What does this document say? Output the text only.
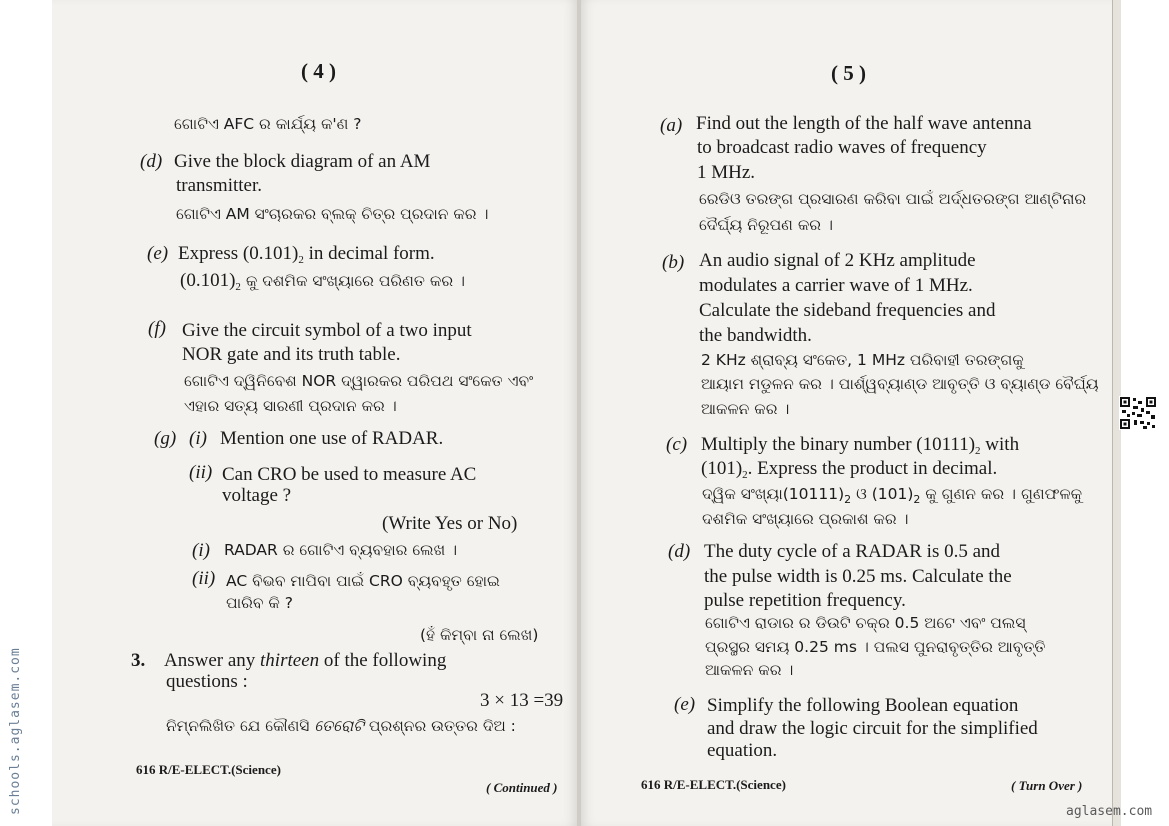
( 4 )
ଗୋଟିଏ AFC ର କାର୍ଯ୍ୟ କ'ଣ ?
(d) Give the block diagram of an AM
transmitter.
ଗୋଟିଏ AM ସଂଚାରକର ବ୍ଲକ୍ ଚିତ୍ର ପ୍ରଦାନ କର ।
(e) Express $(0.101)_2$ in decimal form.
$(0.101)_2$ କୁ ଦଶମିକ ସଂଖ୍ୟାରେ ପରିଣତ କର ।
(f) Give the circuit symbol of a two input
NOR gate and its truth table.
ଗୋଟିଏ ଦ୍ୱିନିବେଶ NOR ଦ୍ୱାରକର ପରିପଥ ସଂକେତ ଏବଂ
ଏହାର ସତ୍ୟ ସାରଣୀ ପ୍ରଦାନ କର ।
(g) (i) Mention one use of RADAR.
(ii) Can CRO be used to measure AC
voltage ?
(Write Yes or No)
(i) RADAR ର ଗୋଟିଏ ବ୍ୟବହାର ଲେଖ ।
(ii) AC ବିଭବ ମାପିବା ପାଇଁ CRO ବ୍ୟବହୃତ ହୋଇ
ପାରିବ କି ?
(ହଁ କିମ୍ବା ନା ଲେଖ)
3. Answer any thirteen of the following
questions :
3 × 13 =39
ନିମ୍ନଲିଖିତ ଯେ କୌଣସି ତେରୋଟି ପ୍ରଶ୍ନର ଉତ୍ତର ଦିଅ :
616 R/E-ELECT.(Science)
( Continued )
( 5 )
(a) Find out the length of the half wave antenna
to broadcast radio waves of frequency
1 MHz.
ରେଡିଓ ତରଙ୍ଗ ପ୍ରସାରଣ କରିବା ପାଇଁ ଅର୍ଦ୍ଧତରଙ୍ଗ ଆଣ୍ଟିନାର
ଦୈର୍ଘ୍ୟ ନିରୂପଣ କର ।
(b) An audio signal of 2 KHz amplitude
modulates a carrier wave of 1 MHz.
Calculate the sideband frequencies and
the bandwidth.
2 KHz ଶ୍ରାବ୍ୟ ସଂକେତ, 1 MHz ପରିବାହୀ ତରଙ୍ଗକୁ
ଆୟାମ ମଡୁଳନ କର । ପାର୍ଶ୍ୱବ୍ୟାଣ୍ଡ ଆବୃତ୍ତି ଓ ବ୍ୟାଣ୍ଡ ବୈର୍ଘ୍ୟ
ଆକଳନ କର ।
(c) Multiply the binary number $(10111)_2$ with
$(101)_2$. Express the product in decimal.
ଦ୍ୱିକ $ସଂଖ୍ୟା(10111)_2$ ଓ $(101)_2$ କୁ ଗୁଣନ କର । ଗୁଣଫଳକୁ
ଦଶମିକ ସଂଖ୍ୟାରେ ପ୍ରକାଶ କର ।
(d) The duty cycle of a RADAR is 0.5 and
the pulse width is 0.25 ms. Calculate the
pulse repetition frequency.
ଗୋଟିଏ ରାଡାର ର ଡିଉଟି ଚକ୍ର 0.5 ଅଟେ ଏବଂ ପଲସ୍
ପ୍ରସ୍ଥର ସମୟ 0.25 ms । ପଲସ ପୁନରାବୃତ୍ତିର ଆବୃତ୍ତି
ଆକଳନ କର ।
(e) Simplify the following Boolean equation
and draw the logic circuit for the simplified
equation.
616 R/E-ELECT.(Science)	( Turn Over )
schools.aglasem.com	aglasem.com
